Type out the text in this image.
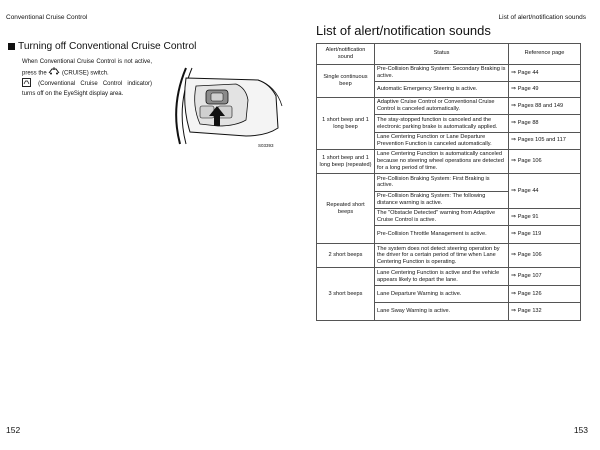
Conventional Cruise Control	List of alert/notification sounds
Turning off Conventional Cruise Control
When Conventional Cruise Control is not active, press the	(CRUISE) switch.

(Conventional Cruise Control indicator) turns off on the EyeSight display area.
S03393
152
List of alert/notification sounds
Alert/notification sound	Status	Reference page
Single continuous beep	Pre-Collision Braking System: Secondary Braking is active.	⇒ Page 44
	Automatic Emergency Steering is active.	⇒ Page 49
1 short beep and 1 long beep	Adaptive Cruise Control or Conventional Cruise Control is canceled automatically.	⇒ Pages 88 and 149
	The stay-stopped function is canceled and the electronic parking brake is automatically applied.	⇒ Page 88
	Lane Centering Function or Lane Departure Prevention Function is canceled automatically.	⇒ Pages 105 and 117
1 short beep and 1 long beep (repeated)	Lane Centering Function is automatically canceled because no steering wheel operations are detected for a long period of time.	⇒ Page 106
Repeated short beeps	Pre-Collision Braking System: First Braking is active.	⇒ Page 44
	Pre-Collision Braking System: The following distance warning is active.	
	The "Obstacle Detected" warning from Adaptive Cruise Control is active.	⇒ Page 91
	Pre-Collision Throttle Management is active.	⇒ Page 119
2 short beeps	The system does not detect steering operation by the driver for a certain period of time when Lane Centering Function is operating.	⇒ Page 106
3 short beeps	Lane Centering Function is active and the vehicle appears likely to depart the lane.	⇒ Page 107
	Lane Departure Warning is active.	⇒ Page 126
	Lane Sway Warning is active.	⇒ Page 132
153
